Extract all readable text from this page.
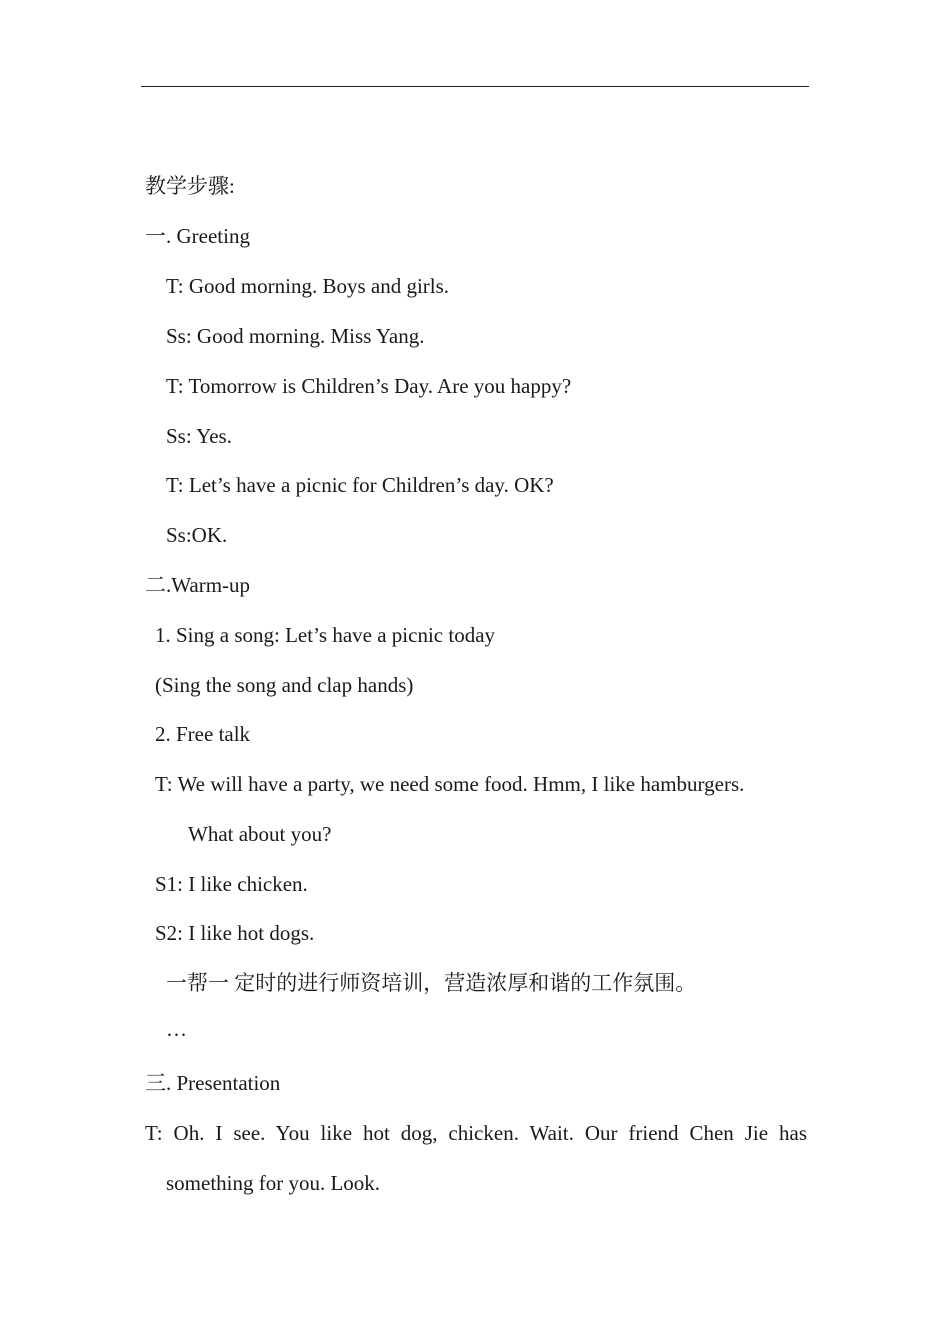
教学步骤:
一. Greeting
T: Good morning. Boys and girls.
Ss: Good morning. Miss Yang.
T: Tomorrow is Children’s Day. Are you happy?
Ss: Yes.
T: Let’s have a picnic for Children’s day. OK?
Ss:OK.
二.Warm-up
1. Sing a song: Let’s have a picnic today
(Sing the song and clap hands)
2. Free talk
T: We will have a party, we need some food. Hmm, I like hamburgers.
What about you?
S1: I like chicken.
S2: I like hot dogs.
一帮一 定时的进行师资培训，营造浓厚和谐的工作氛围。
…
三. Presentation
T: Oh. I see. You like hot dog, chicken. Wait. Our friend Chen Jie has
something for you. Look.
